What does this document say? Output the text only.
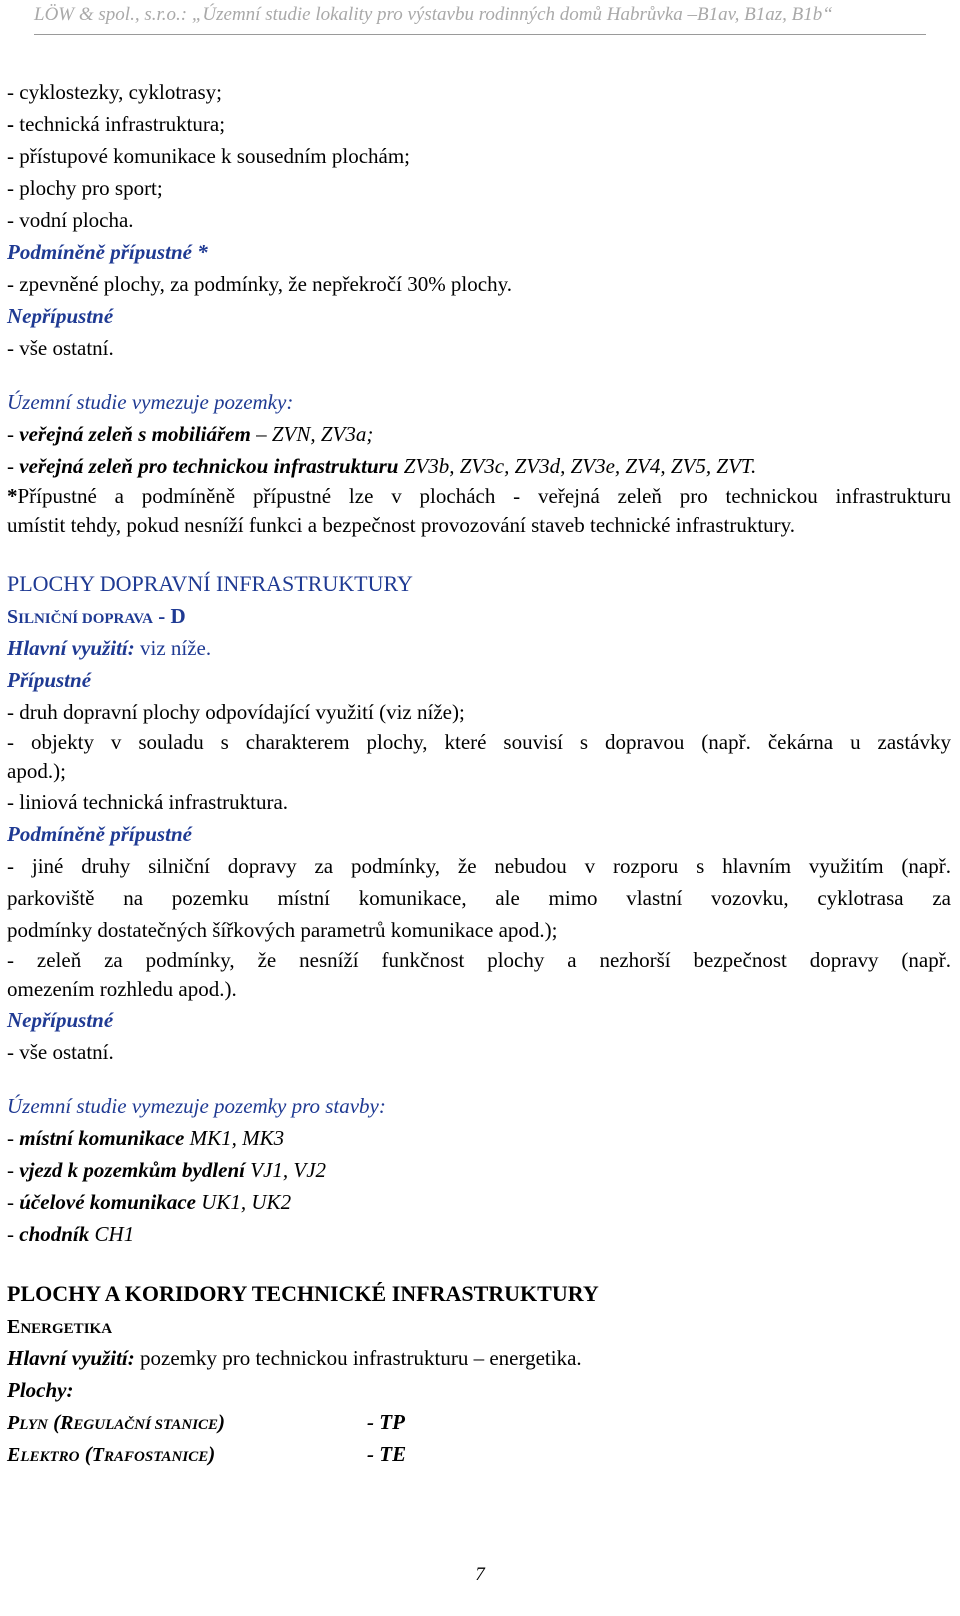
LÖW & spol., s.r.o.: „Územní studie lokality pro výstavbu rodinných domů Habrůvka –B1av, B1az, B1b“
- cyklostezky, cyklotrasy;
- technická infrastruktura;
- přístupové komunikace k sousedním plochám;
- plochy pro sport;
- vodní plocha.
Podmíněně přípustné *
- zpevněné plochy, za podmínky, že nepřekročí 30% plochy.
Nepřípustné
- vše ostatní.
Územní studie vymezuje pozemky:
- veřejná zeleň s mobiliářem – ZVN, ZV3a;
- veřejná zeleň pro technickou infrastrukturu ZV3b, ZV3c, ZV3d, ZV3e, ZV4, ZV5, ZVT.
*Přípustné a podmíněně přípustné lze v plochách - veřejná zeleň pro technickou infrastrukturu
umístit tehdy, pokud nesníží funkci a bezpečnost provozování staveb technické infrastruktury.
PLOCHY DOPRAVNÍ INFRASTRUKTURY
SILNIČNÍ DOPRAVA - D
Hlavní využití: viz níže.
Přípustné
- druh dopravní plochy odpovídající využití (viz níže);
- objekty v souladu s charakterem plochy, které souvisí s dopravou (např. čekárna u zastávky
apod.);
- liniová technická infrastruktura.
Podmíněně přípustné
- jiné druhy silniční dopravy za podmínky, že nebudou v rozporu s hlavním využitím (např.
parkoviště na pozemku místní komunikace, ale mimo vlastní vozovku, cyklotrasa za
podmínky dostatečných šířkových parametrů komunikace apod.);
- zeleň za podmínky, že nesníží funkčnost plochy a nezhorší bezpečnost dopravy (např.
omezením rozhledu apod.).
Nepřípustné
- vše ostatní.
Územní studie vymezuje pozemky pro stavby:
- místní komunikace MK1, MK3
- vjezd k pozemkům bydlení VJ1, VJ2
- účelové komunikace UK1, UK2
- chodník CH1
PLOCHY A KORIDORY TECHNICKÉ INFRASTRUKTURY
ENERGETIKA
Hlavní využití: pozemky pro technickou infrastrukturu – energetika.
Plochy:
PLYN (REGULAČNÍ STANICE)	- TP
ELEKTRO (TRAFOSTANICE)	- TE
7
